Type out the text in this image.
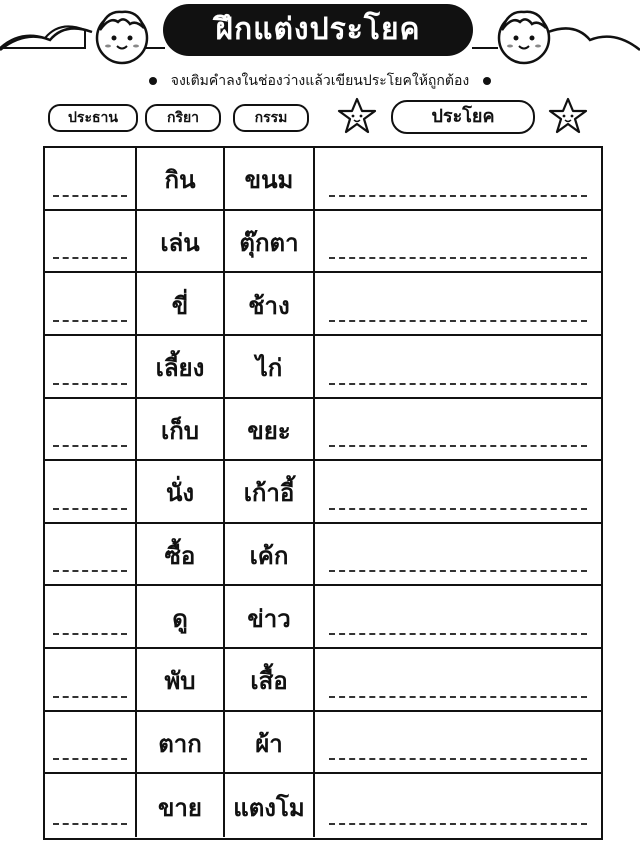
ฝึกแต่งประโยค
จงเติมคำลงในช่องว่างแล้วเขียนประโยคให้ถูกต้อง
ประธาน	กริยา	กรรม	ประโยค
กิน	ขนม
เล่น	ตุ๊กตา
ขี่	ช้าง
เลี้ยง	ไก่
เก็บ	ขยะ
นั่ง	เก้าอี้
ซื้อ	เค้ก
ดู	ข่าว
พับ	เสื้อ
ตาก	ผ้า
ขาย	แตงโม
